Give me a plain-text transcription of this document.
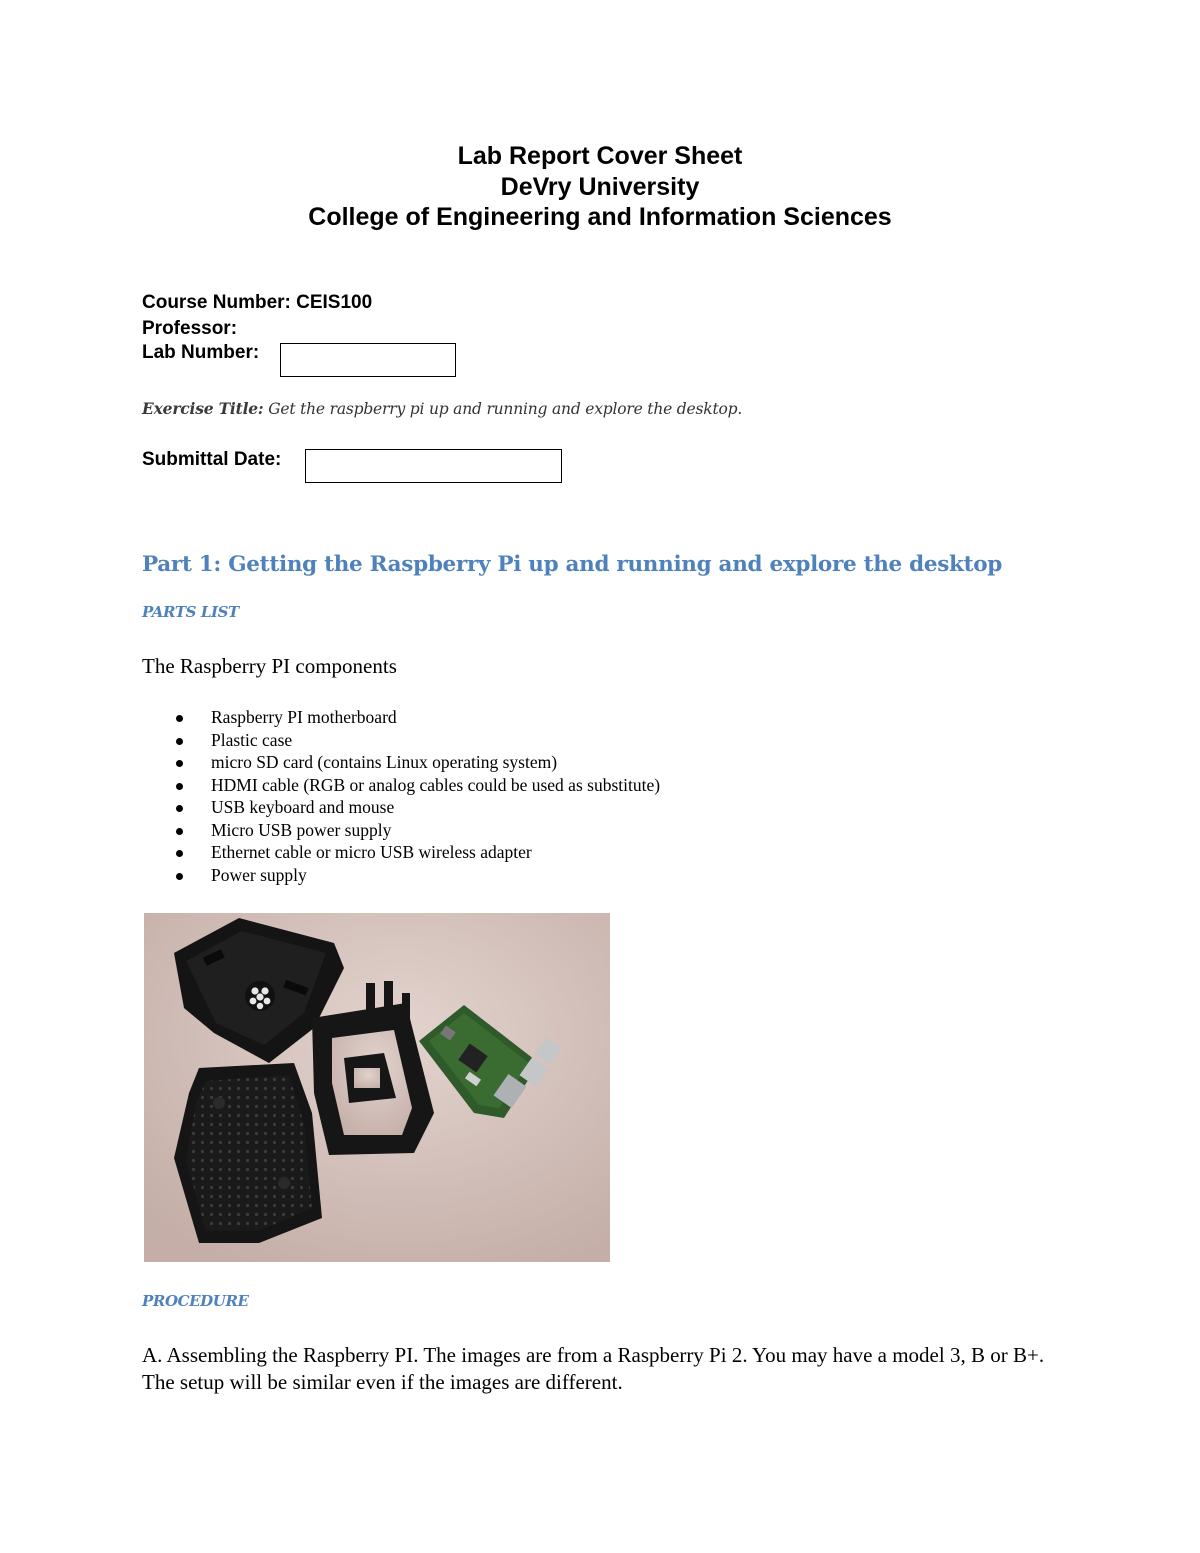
Lab Report Cover Sheet
DeVry University
College of Engineering and Information Sciences
Course Number: CEIS100
Professor:
Lab Number:
Exercise Title: Get the raspberry pi up and running and explore the desktop.
Submittal Date:
Part 1: Getting the Raspberry Pi up and running and explore the desktop
PARTS LIST
The Raspberry PI components
Raspberry PI motherboard
Plastic case
micro SD card (contains Linux operating system)
HDMI cable (RGB or analog cables could be used as substitute)
USB keyboard and mouse
Micro USB power supply
Ethernet cable or micro USB wireless adapter
Power supply
PROCEDURE
A. Assembling the Raspberry PI. The images are from a Raspberry Pi 2. You may have a model 3, B or B+. The setup will be similar even if the images are different.
